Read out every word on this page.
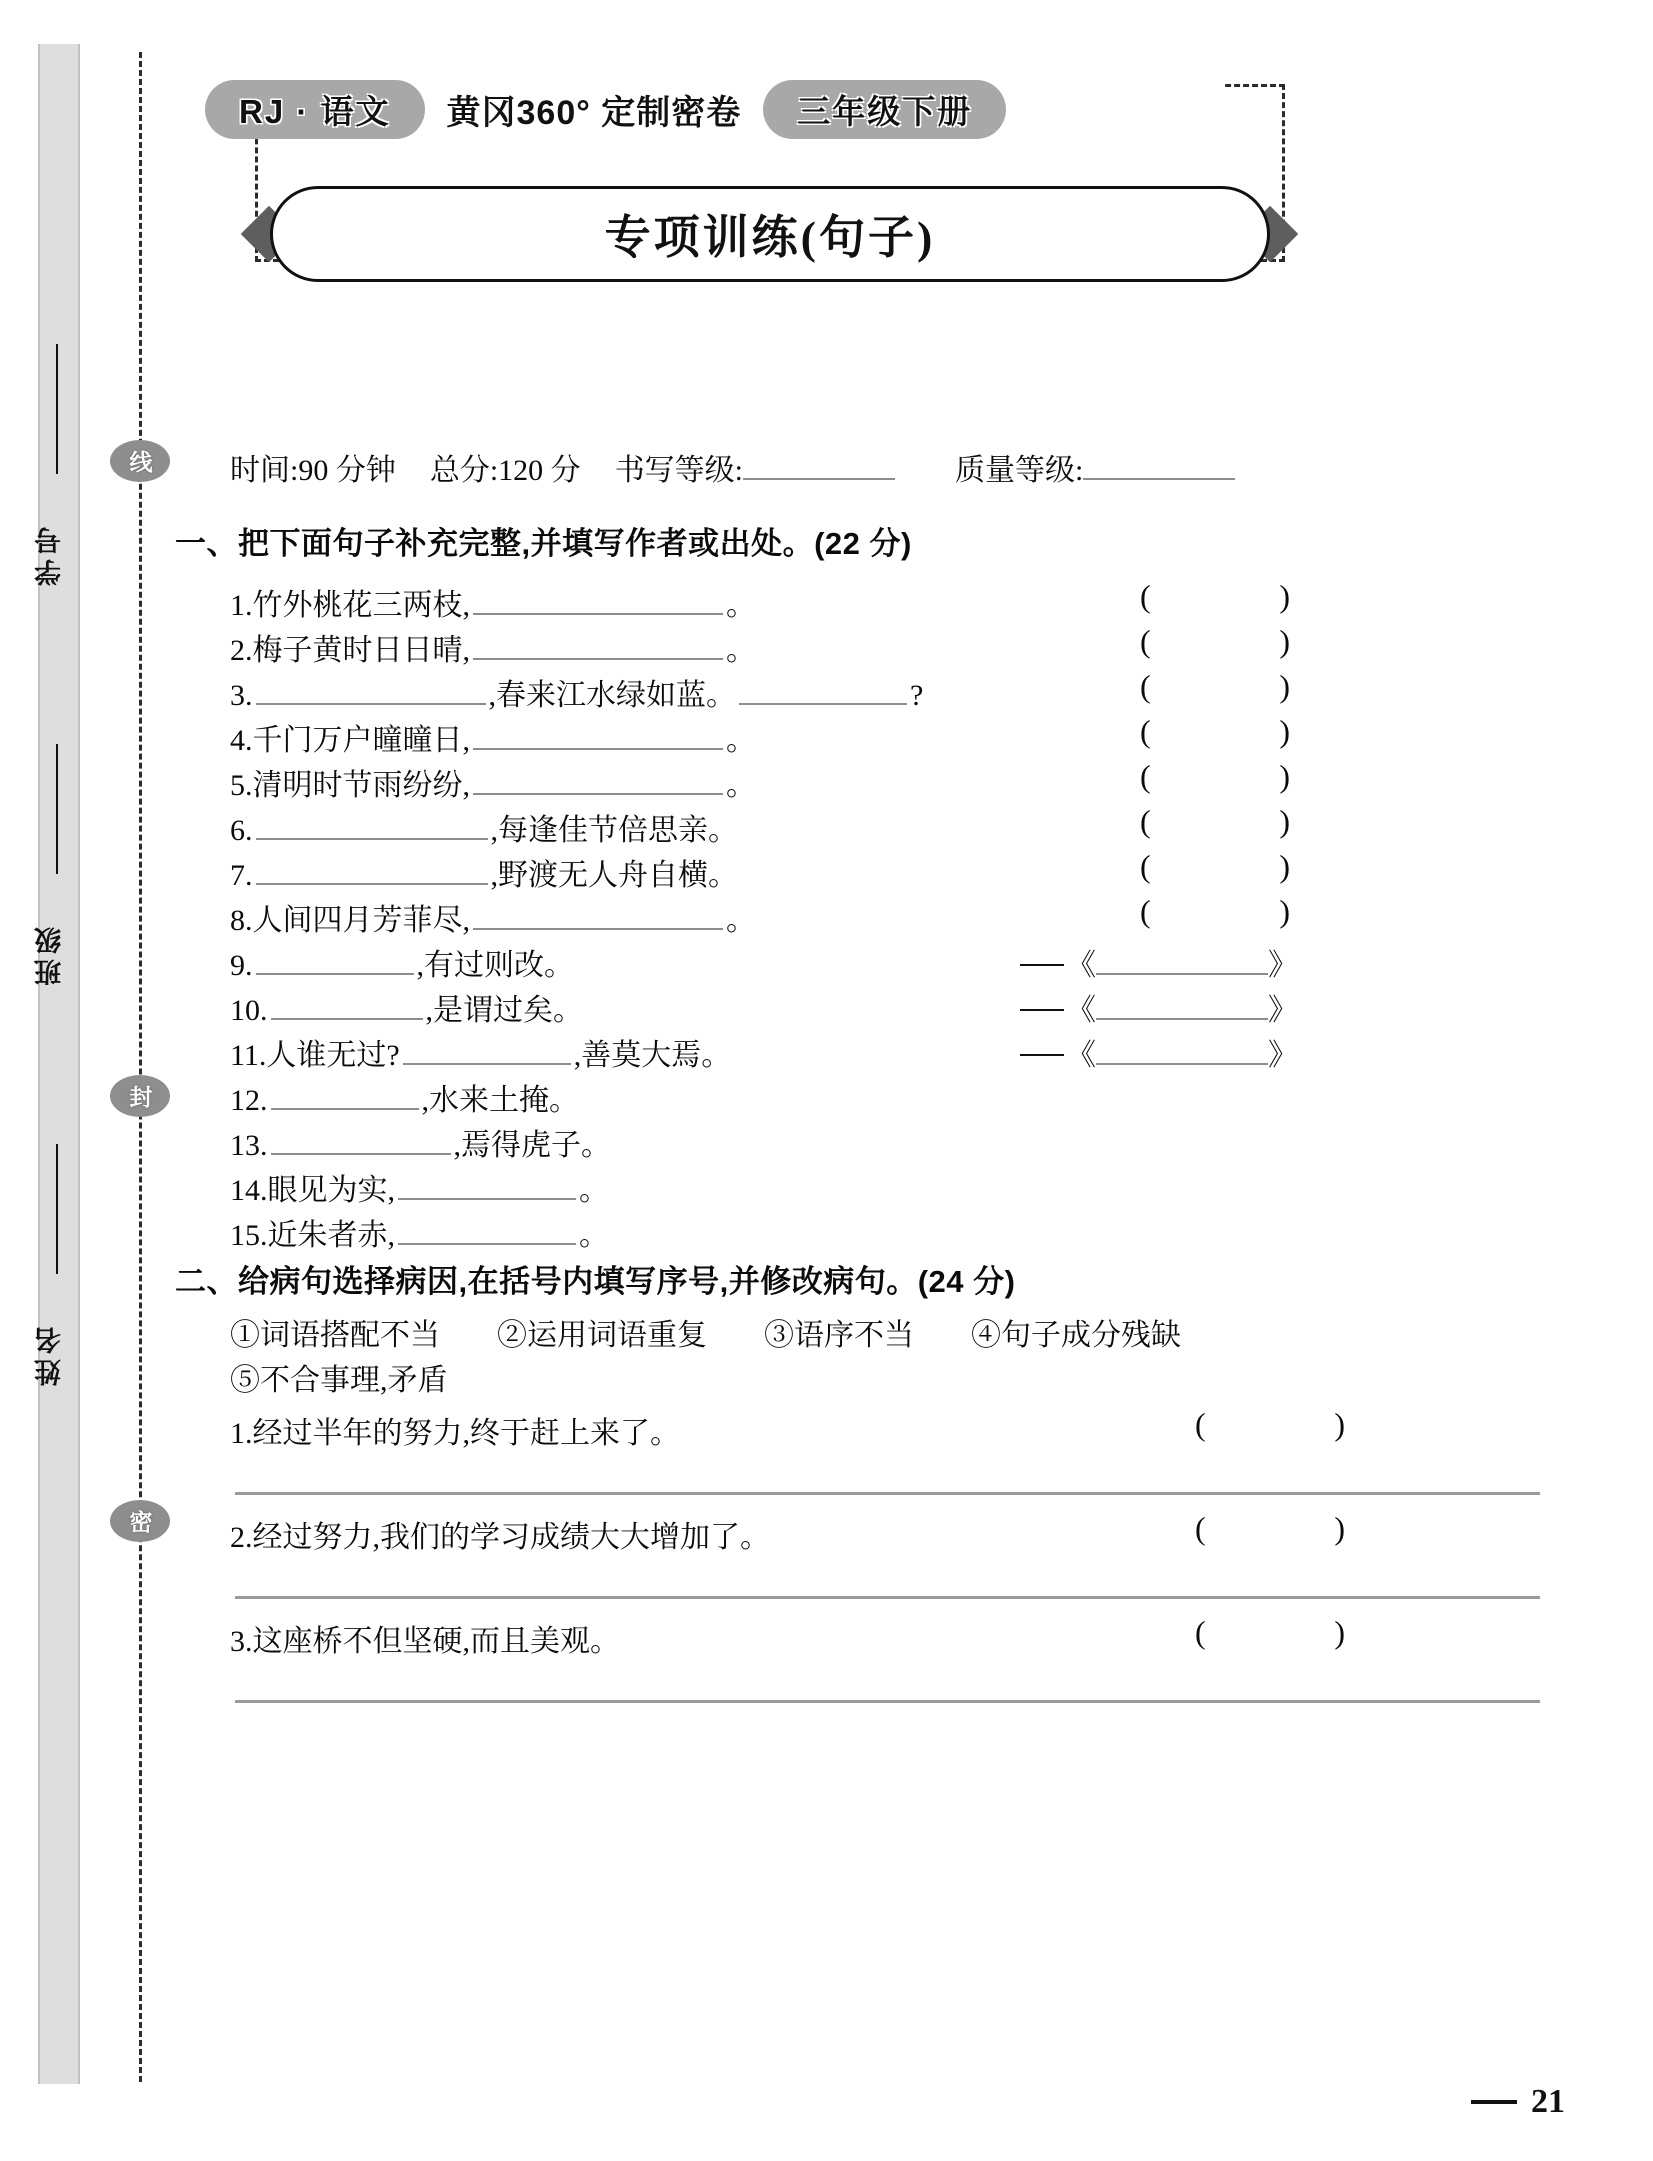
学号
班级
姓名
线
封
密
RJ · 语文	黄冈360° 定制密卷	三年级下册
专项训练(句子)
时间:90 分钟 总分:120 分 书写等级:	质量等级:
一、把下面句子补充完整,并填写作者或出处。(22 分)
1. 竹外桃花三两枝,	。	(	)
2. 梅子黄时日日晴,	。	(	)
3.	,春来江水绿如蓝。	?	(	)
4. 千门万户曈曈日,	。	(	)
5. 清明时节雨纷纷,	。	(	)
6.	,每逢佳节倍思亲。	(	)
7.	,野渡无人舟自横。	(	)
8. 人间四月芳菲尽,	。	(	)
9.	,有过则改。	《	》
10.	,是谓过矣。	《	》
11. 人谁无过?	,善莫大焉。	《	》
12.	,水来土掩。
13.	,焉得虎子。
14. 眼见为实,	。
15. 近朱者赤,	。
二、给病句选择病因,在括号内填写序号,并修改病句。(24 分)
①词语搭配不当 ②运用词语重复 ③语序不当 ④句子成分残缺
⑤不合事理,矛盾
1. 经过半年的努力,终于赶上来了。	(	)
2. 经过努力,我们的学习成绩大大增加了。	(	)
3. 这座桥不但坚硬,而且美观。	(	)
21
